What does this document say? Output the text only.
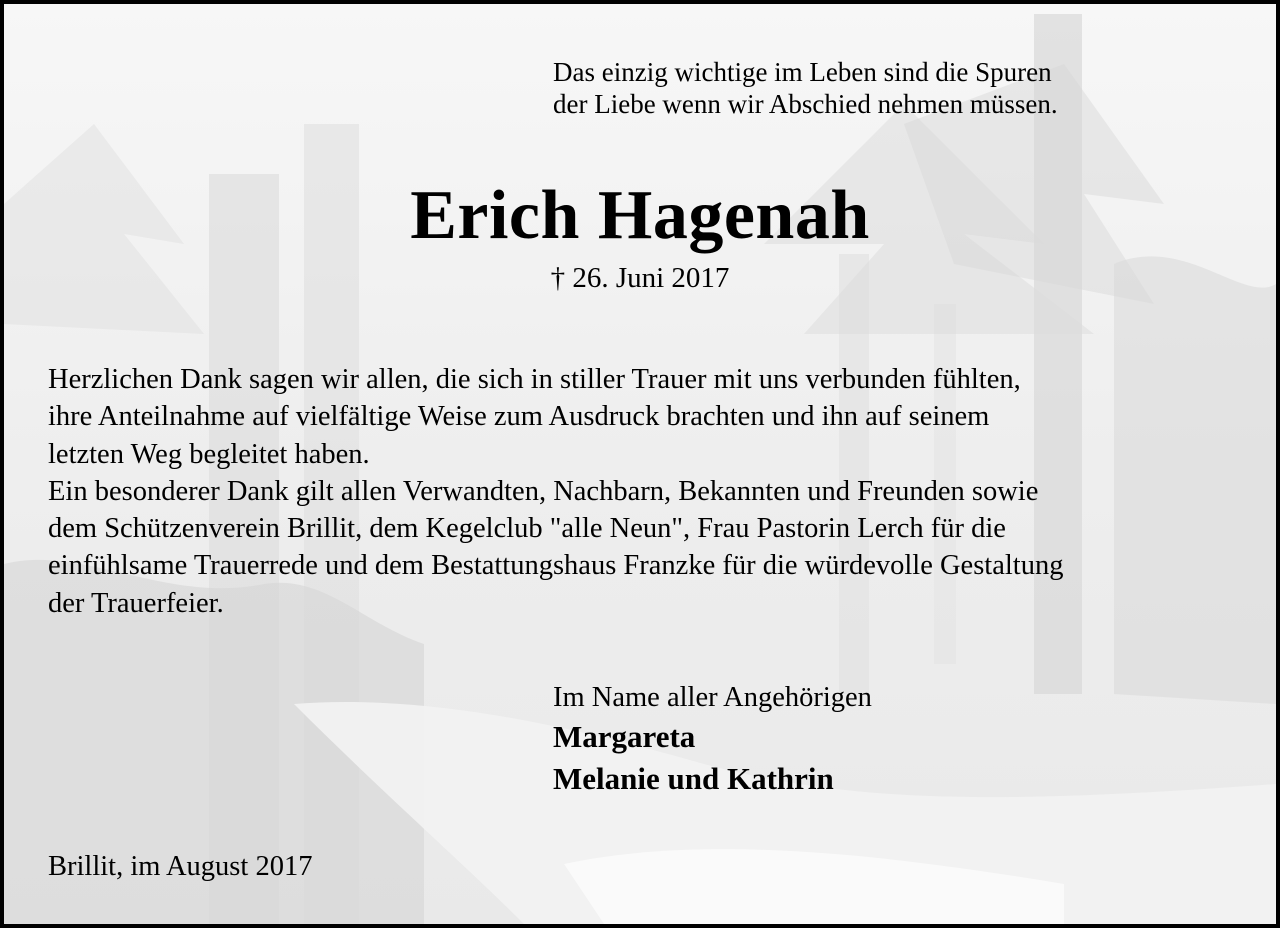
Das einzig wichtige im Leben sind die Spuren
der Liebe wenn wir Abschied nehmen müssen.
Erich Hagenah
† 26. Juni 2017
Herzlichen Dank sagen wir allen, die sich in stiller Trauer mit uns verbunden fühlten,
ihre Anteilnahme auf vielfältige Weise zum Ausdruck brachten und ihn auf seinem
letzten Weg begleitet haben.
Ein besonderer Dank gilt allen Verwandten, Nachbarn, Bekannten und Freunden sowie
dem Schützenverein Brillit, dem Kegelclub "alle Neun", Frau Pastorin Lerch für die
einfühlsame Trauerrede und dem Bestattungshaus Franzke für die würdevolle Gestaltung
der Trauerfeier.
Im Name aller Angehörigen
Margareta
Melanie und Kathrin
Brillit, im August 2017
